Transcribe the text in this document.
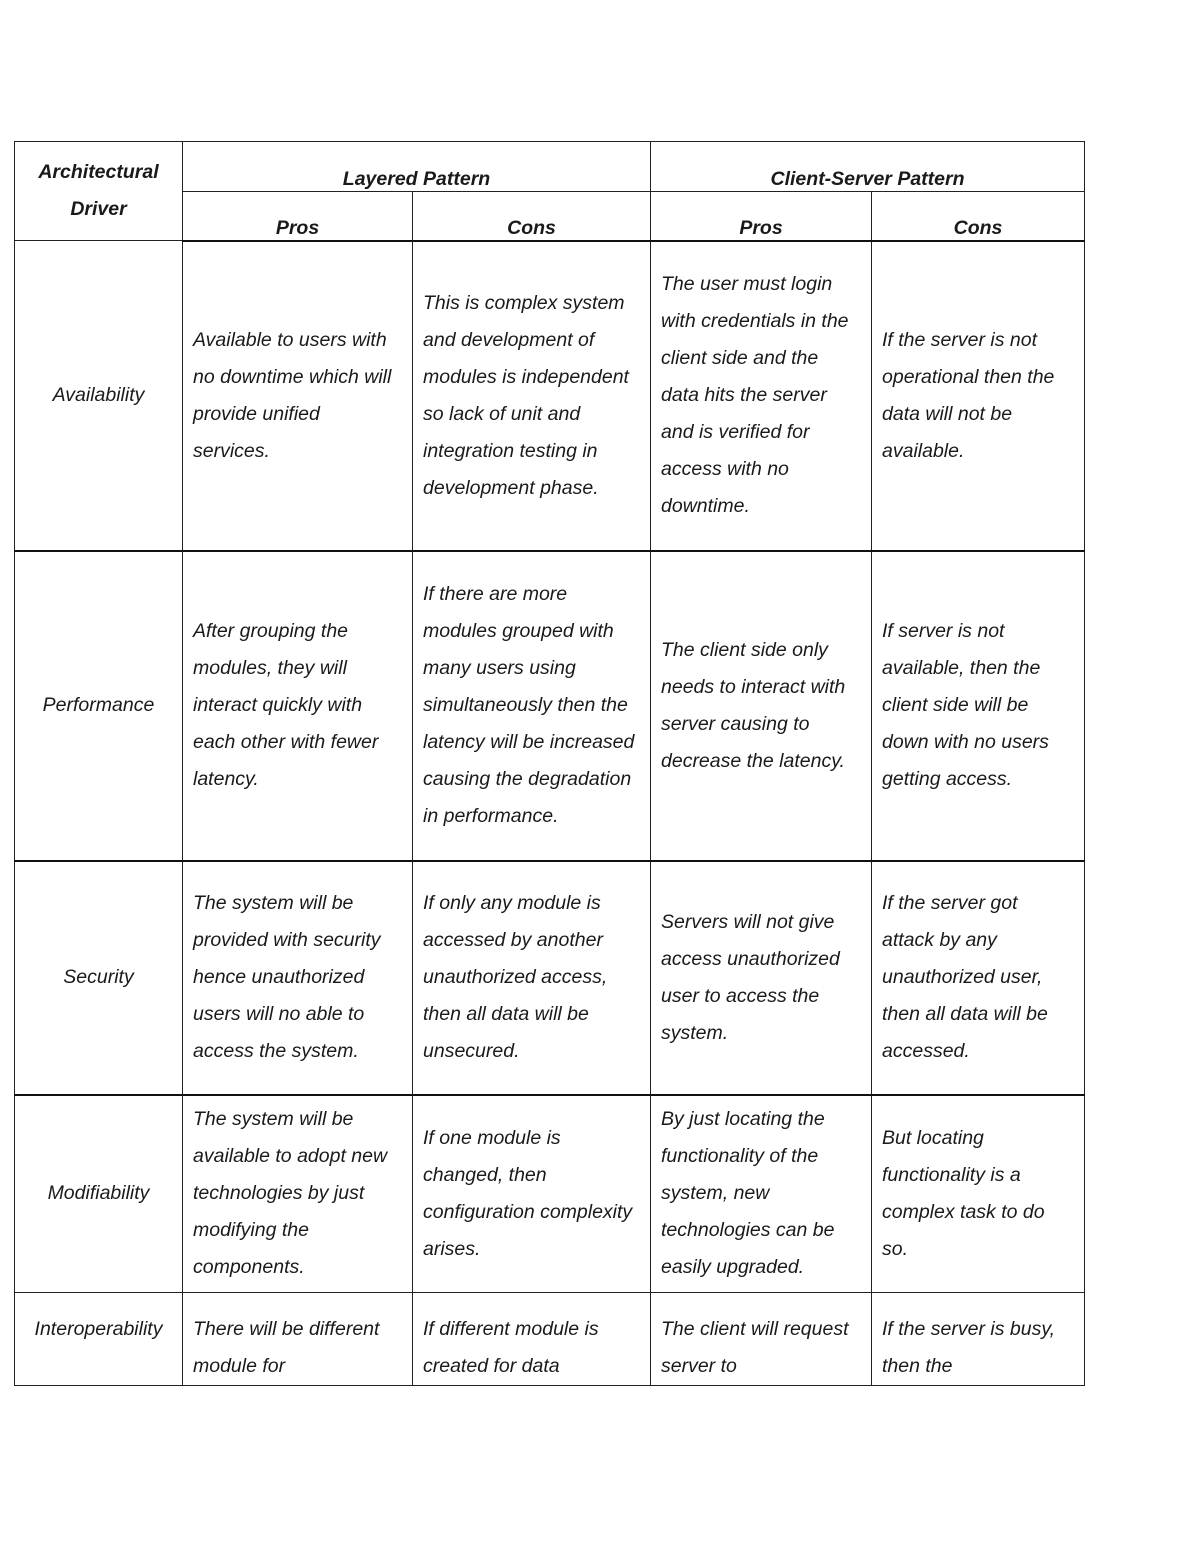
Architectural Driver	Layered Pattern		Client-Server Pattern	
	Pros	Cons	Pros	Cons
Availability	Available to users with no downtime which will provide unified services.	This is complex system and development of modules is independent so lack of unit and integration testing in development phase.	The user must login with credentials in the client side and the data hits the server and is verified for access with no downtime.	If the server is not operational then the data will not be available.
Performance	After grouping the modules, they will interact quickly with each other with fewer latency.	If there are more modules grouped with many users using simultaneously then the latency will be increased causing the degradation in performance.	The client side only needs to interact with server causing to decrease the latency.	If server is not available, then the client side will be down with no users getting access.
Security	The system will be provided with security hence unauthorized users will no able to access the system.	If only any module is accessed by another unauthorized access, then all data will be unsecured.	Servers will not give access unauthorized user to access the system.	If the server got attack by any unauthorized user, then all data will be accessed.
Modifiability	The system will be available to adopt new technologies by just modifying the components.	If one module is changed, then configuration complexity arises.	By just locating the functionality of the system, new technologies can be easily upgraded.	But locating functionality is a complex task to do so.
Interoperability	There will be different module for	If different module is created for data	The client will request server to	If the server is busy, then the
